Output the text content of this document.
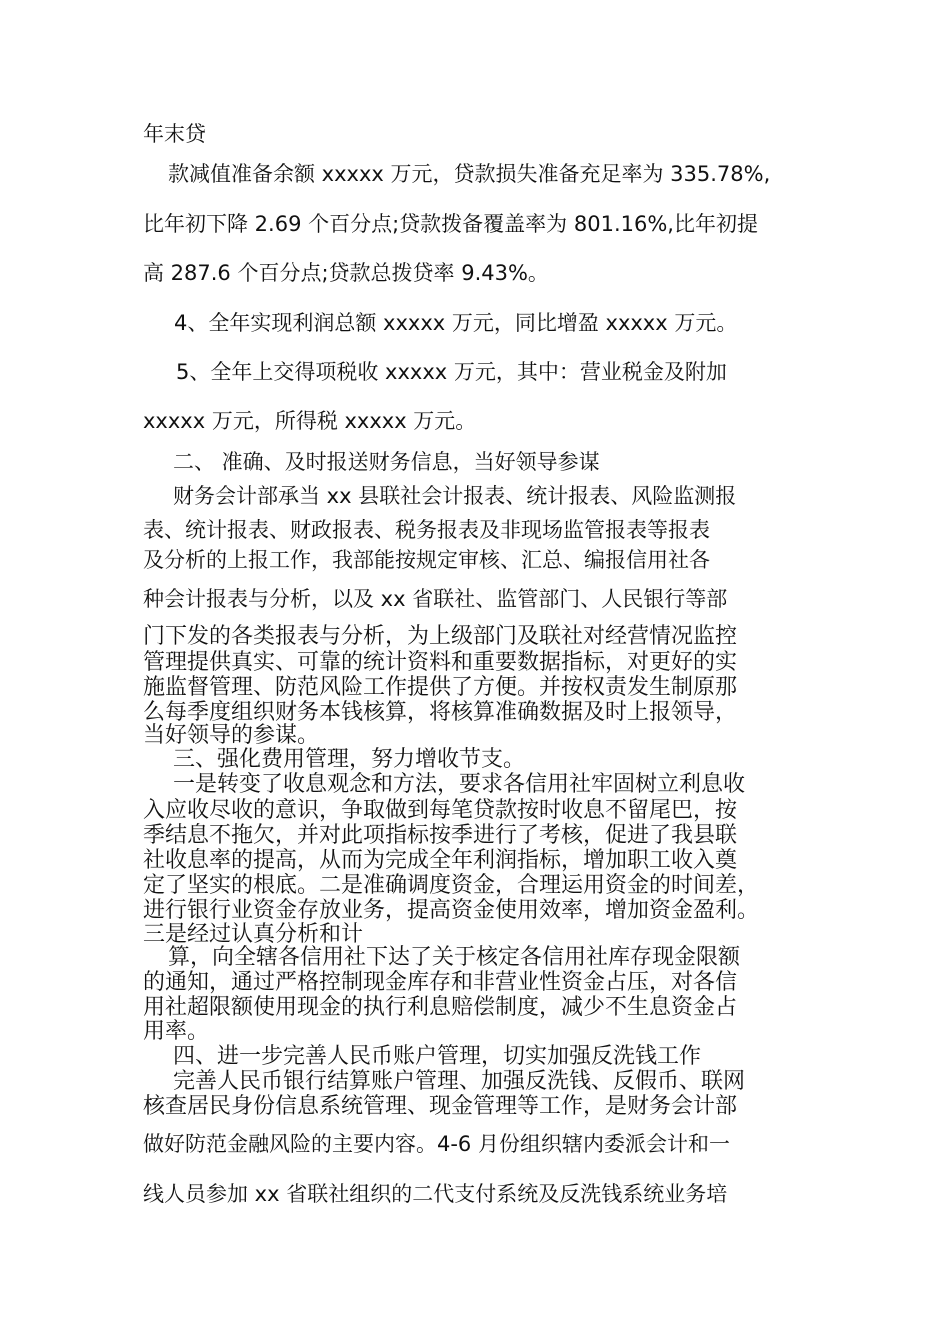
年末贷

款减值准备余额 xxxxx 万元，贷款损失准备充足率为 335.78%,

比年初下降 2.69 个百分点;贷款拨备覆盖率为 801.16%,比年初提

高 287.6 个百分点;贷款总拨贷率 9.43%。

4、全年实现利润总额 xxxxx 万元，同比增盈 xxxxx 万元。

5、全年上交得项税收 xxxxx 万元，其中：营业税金及附加

xxxxx 万元，所得税 xxxxx 万元。

二、 准确、及时报送财务信息，当好领导参谋

财务会计部承当 xx 县联社会计报表、统计报表、风险监测报

表、统计报表、财政报表、税务报表及非现场监管报表等报表

及分析的上报工作，我部能按规定审核、汇总、编报信用社各

种会计报表与分析，以及 xx 省联社、监管部门、人民银行等部

门下发的各类报表与分析，为上级部门及联社对经营情况监控

管理提供真实、可靠的统计资料和重要数据指标，对更好的实

施监督管理、防范风险工作提供了方便。并按权责发生制原那

么每季度组织财务本钱核算，将核算准确数据及时上报领导，

当好领导的参谋。

三、强化费用管理，努力增收节支。

一是转变了收息观念和方法，要求各信用社牢固树立利息收

入应收尽收的意识，争取做到每笔贷款按时收息不留尾巴，按

季结息不拖欠，并对此项指标按季进行了考核，促进了我县联

社收息率的提高，从而为完成全年利润指标，增加职工收入奠

定了坚实的根底。二是准确调度资金，合理运用资金的时间差，

进行银行业资金存放业务，提高资金使用效率，增加资金盈利。

三是经过认真分析和计

算，向全辖各信用社下达了关于核定各信用社库存现金限额

的通知，通过严格控制现金库存和非营业性资金占压，对各信

用社超限额使用现金的执行利息赔偿制度，减少不生息资金占

用率。

四、进一步完善人民币账户管理，切实加强反洗钱工作

完善人民币银行结算账户管理、加强反洗钱、反假币、联网

核查居民身份信息系统管理、现金管理等工作，是财务会计部

做好防范金融风险的主要内容。4-6 月份组织辖内委派会计和一

线人员参加 xx 省联社组织的二代支付系统及反洗钱系统业务培
